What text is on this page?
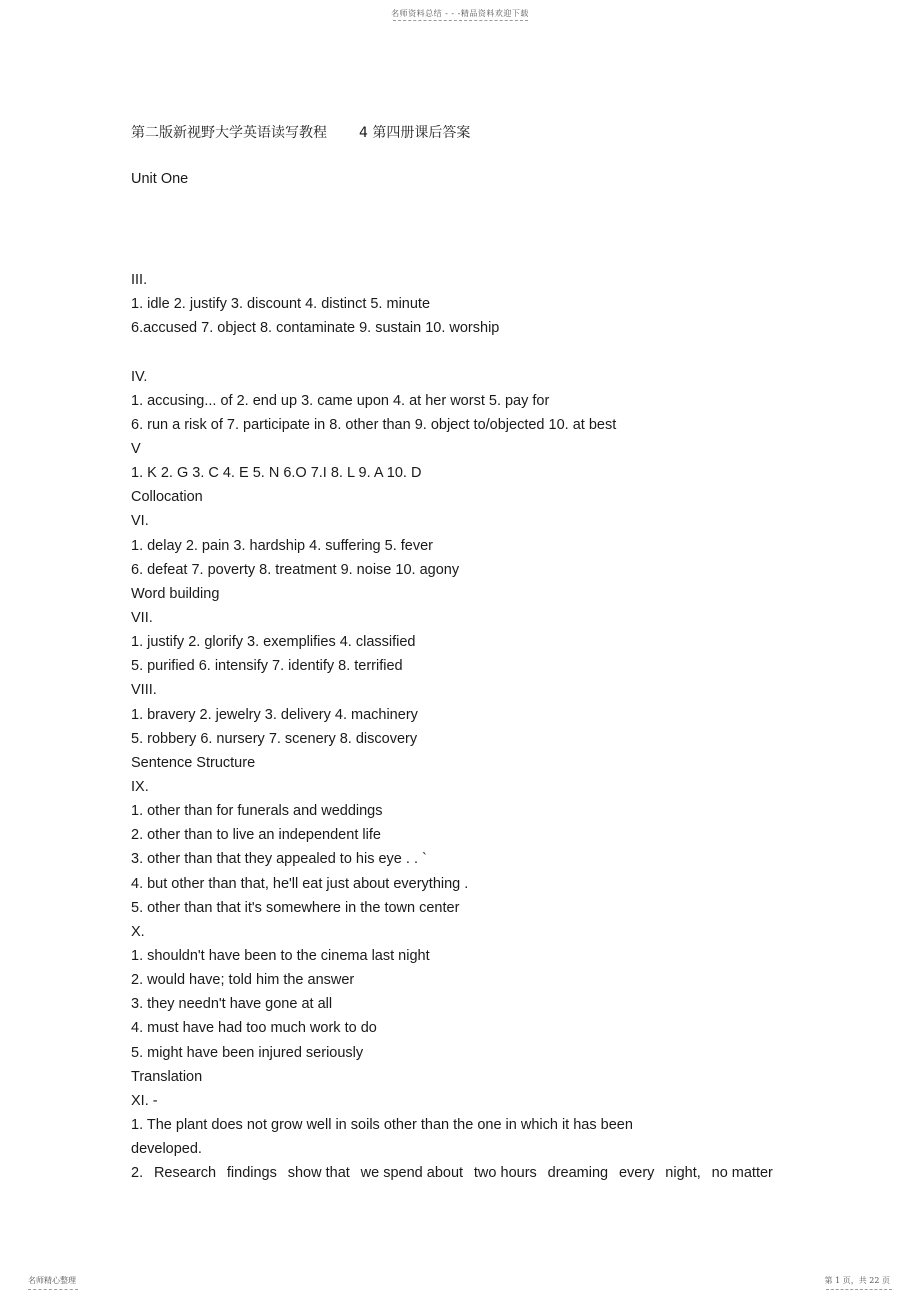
名师资料总结 - - -精品资料欢迎下载
第二版新视野大学英语读写教程 4 第四册课后答案
Unit One
III.
1. idle 2. justify 3. discount 4. distinct 5. minute
6.accused 7. object 8. contaminate 9. sustain 10. worship
IV.
1. accusing... of 2. end up 3. came upon 4. at her worst 5. pay for
6. run a risk of 7. participate in 8. other than 9. object to/objected 10. at best
V
1. K 2. G 3. C 4. E 5. N 6.O 7.I 8. L 9. A 10. D
Collocation
VI.
1. delay 2. pain 3. hardship 4. suffering 5. fever
6. defeat 7. poverty 8. treatment 9. noise 10. agony
Word building
VII.
1. justify 2. glorify 3. exemplifies 4. classified
5. purified 6. intensify 7. identify 8. terrified
VIII.
1. bravery 2. jewelry 3. delivery 4. machinery
5. robbery 6. nursery 7. scenery 8. discovery
Sentence Structure
IX.
1. other than for funerals and weddings
2. other than to live an independent life
3. other than that they appealed to his eye . . `
4. but other than that, he'll eat just about everything .
5. other than that it's somewhere in the town center
X.
1. shouldn't have been to the cinema last night
2. would have; told him the answer
3. they needn't have gone at all
4. must have had too much work to do
5. might have been injured seriously
Translation
XI. -
1. The plant does not grow well in soils other than the one in which it has been
developed.
2. Research findings show that we spend about two hours dreaming every night, no matter
名师精心整理	第 1 页，共 22 页
